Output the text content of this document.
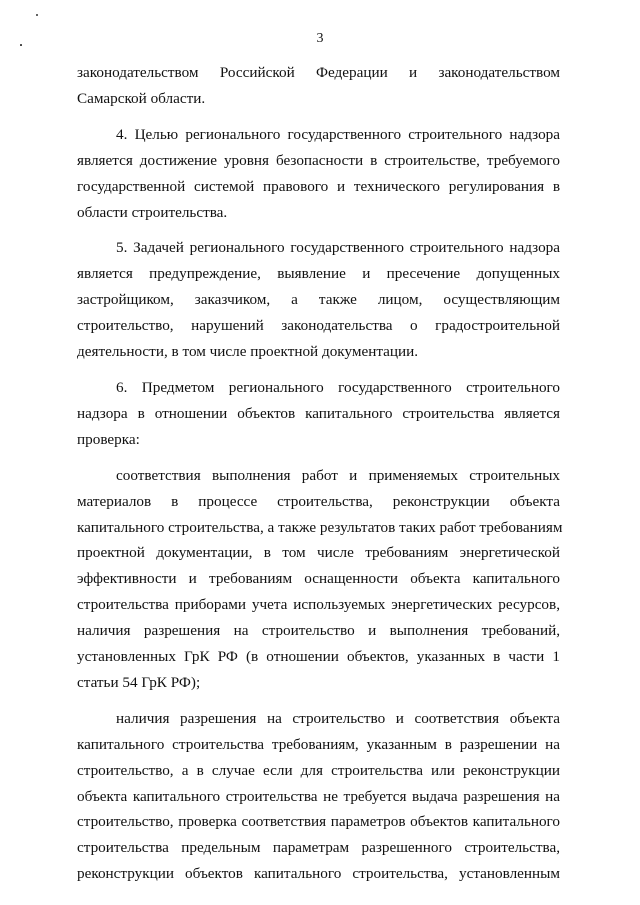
3
законодательством Российской Федерации и законодательством
Самарской области.
4. Целью регионального государственного строительного надзора
является достижение уровня безопасности в строительстве, требуемого
государственной системой правового и технического регулирования в
области строительства.
5. Задачей регионального государственного строительного надзора
является предупреждение, выявление и пресечение допущенных
застройщиком, заказчиком, а также лицом, осуществляющим
строительство, нарушений законодательства о градостроительной
деятельности, в том числе проектной документации.
6. Предметом регионального государственного строительного
надзора в отношении объектов капитального строительства является
проверка:
соответствия выполнения работ и применяемых строительных
материалов в процессе строительства, реконструкции объекта
капитального строительства, а также результатов таких работ требованиям
проектной документации, в том числе требованиям энергетической
эффективности и требованиям оснащенности объекта капитального
строительства приборами учета используемых энергетических ресурсов,
наличия разрешения на строительство и выполнения требований,
установленных ГрК РФ (в отношении объектов, указанных в части 1
статьи 54 ГрК РФ);
наличия разрешения на строительство и соответствия объекта
капитального строительства требованиям, указанным в разрешении на
строительство, а в случае если для строительства или реконструкции
объекта капитального строительства не требуется выдача разрешения на
строительство, проверка соответствия параметров объектов капитального
строительства предельным параметрам разрешенного строительства,
реконструкции объектов капитального строительства, установленным
